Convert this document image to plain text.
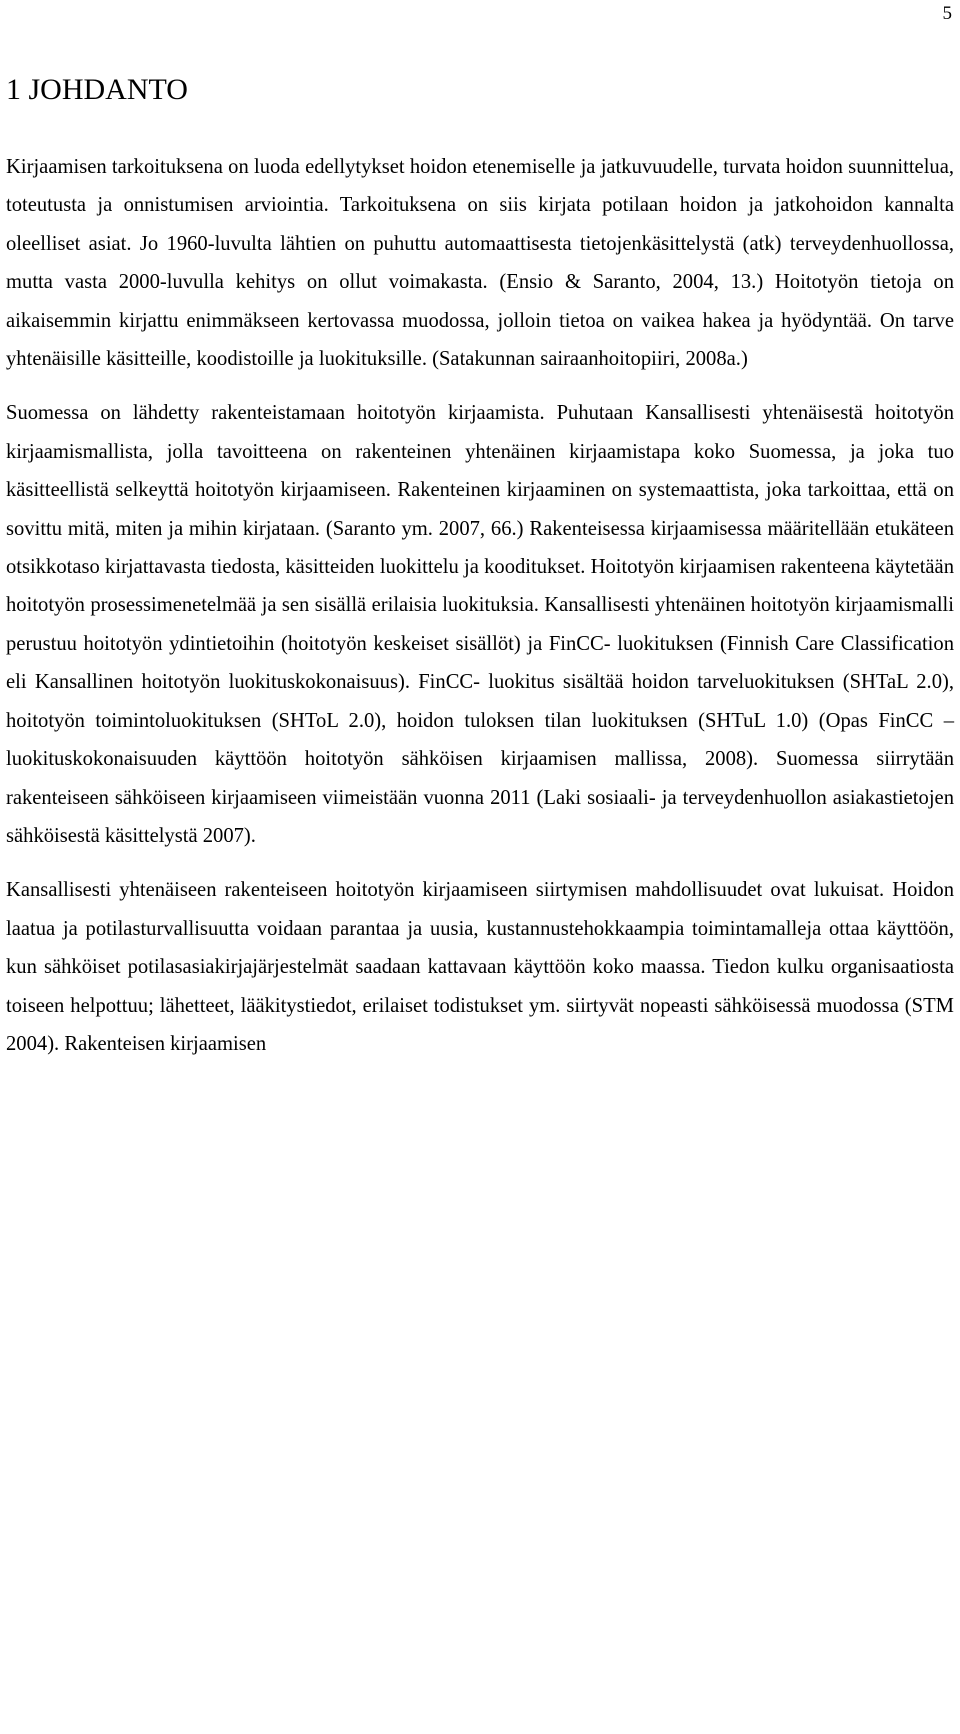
5
1 JOHDANTO

Kirjaamisen tarkoituksena on luoda edellytykset hoidon etenemiselle ja jatkuvuudelle, turvata hoidon suunnittelua, toteutusta ja onnistumisen arviointia. Tarkoituksena on siis kirjata potilaan hoidon ja jatkohoidon kannalta oleelliset asiat. Jo 1960-luvulta lähtien on puhuttu automaattisesta tietojenkäsittelystä (atk) terveydenhuollossa, mutta vasta 2000-luvulla kehitys on ollut voimakasta. (Ensio & Saranto, 2004, 13.) Hoitotyön tietoja on aikaisemmin kirjattu enimmäkseen kertovassa muodossa, jolloin tietoa on vaikea hakea ja hyödyntää. On tarve yhtenäisille käsitteille, koodistoille ja luokituksille. (Satakunnan sairaanhoitopiiri, 2008a.)

Suomessa on lähdetty rakenteistamaan hoitotyön kirjaamista. Puhutaan Kansallisesti yhtenäisestä hoitotyön kirjaamismallista, jolla tavoitteena on rakenteinen yhtenäinen kirjaamistapa koko Suomessa, ja joka tuo käsitteellistä selkeyttä hoitotyön kirjaamiseen. Rakenteinen kirjaaminen on systemaattista, joka tarkoittaa, että on sovittu mitä, miten ja mihin kirjataan. (Saranto ym. 2007, 66.) Rakenteisessa kirjaamisessa määritellään etukäteen otsikkotaso kirjattavasta tiedosta, käsitteiden luokittelu ja kooditukset. Hoitotyön kirjaamisen rakenteena käytetään hoitotyön prosessimenetelmää ja sen sisällä erilaisia luokituksia. Kansallisesti yhtenäinen hoitotyön kirjaamismalli perustuu hoitotyön ydintietoihin (hoitotyön keskeiset sisällöt) ja FinCC- luokituksen (Finnish Care Classification eli Kansallinen hoitotyön luokituskokonaisuus). FinCC- luokitus sisältää hoidon tarveluokituksen (SHTaL 2.0), hoitotyön toimintoluokituksen (SHToL 2.0), hoidon tuloksen tilan luokituksen (SHTuL 1.0) (Opas FinCC –luokituskokonaisuuden käyttöön hoitotyön sähköisen kirjaamisen mallissa, 2008). Suomessa siirrytään rakenteiseen sähköiseen kirjaamiseen viimeistään vuonna 2011 (Laki sosiaali- ja terveydenhuollon asiakastietojen sähköisestä käsittelystä 2007).

Kansallisesti yhtenäiseen rakenteiseen hoitotyön kirjaamiseen siirtymisen mahdollisuudet ovat lukuisat. Hoidon laatua ja potilasturvallisuutta voidaan parantaa ja uusia, kustannustehokkaampia toimintamalleja ottaa käyttöön, kun sähköiset potilasasiakirjajärjestelmät saadaan kattavaan käyttöön koko maassa. Tiedon kulku organisaatiosta toiseen helpottuu; lähetteet, lääkitystiedot, erilaiset todistukset ym. siirtyvät nopeasti sähköisessä muodossa (STM 2004). Rakenteisen kirjaamisen
